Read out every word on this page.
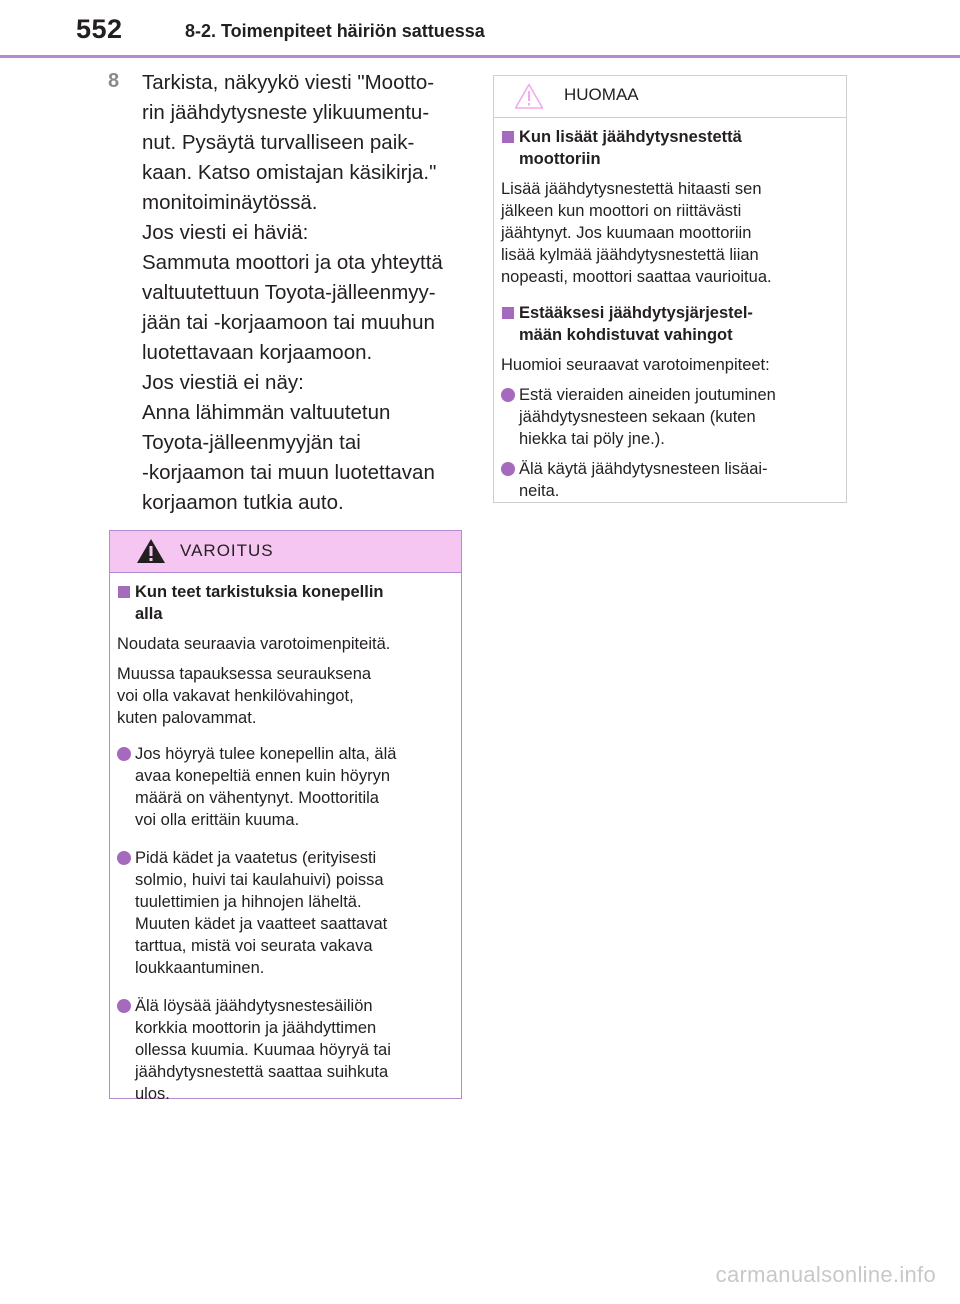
552	8-2. Toimenpiteet häiriön sattuessa
8 Tarkista, näkyykö viesti "Mootto-
rin jäähdytysneste ylikuumentu-
nut. Pysäytä turvalliseen paik-
kaan. Katso omistajan käsikirja."
monitoiminäytössä.
Jos viesti ei häviä:
Sammuta moottori ja ota yhteyttä
valtuutettuun Toyota-jälleenmyy-
jään tai -korjaamoon tai muuhun
luotettavaan korjaamoon.
Jos viestiä ei näy:
Anna lähimmän valtuutetun
Toyota-jälleenmyyjän tai
-korjaamon tai muun luotettavan
korjaamon tutkia auto.
VAROITUS
Kun teet tarkistuksia konepellin
alla
Noudata seuraavia varotoimenpiteitä.
Muussa tapauksessa seurauksena
voi olla vakavat henkilövahingot,
kuten palovammat.
Jos höyryä tulee konepellin alta, älä
avaa konepeltiä ennen kuin höyryn
määrä on vähentynyt. Moottoritila
voi olla erittäin kuuma.
Pidä kädet ja vaatetus (erityisesti
solmio, huivi tai kaulahuivi) poissa
tuulettimien ja hihnojen läheltä.
Muuten kädet ja vaatteet saattavat
tarttua, mistä voi seurata vakava
loukkaantuminen.
Älä löysää jäähdytysnestesäiliön
korkkia moottorin ja jäähdyttimen
ollessa kuumia. Kuumaa höyryä tai
jäähdytysnestettä saattaa suihkuta
ulos.
HUOMAA
Kun lisäät jäähdytysnestettä
moottoriin
Lisää jäähdytysnestettä hitaasti sen
jälkeen kun moottori on riittävästi
jäähtynyt. Jos kuumaan moottoriin
lisää kylmää jäähdytysnestettä liian
nopeasti, moottori saattaa vaurioitua.
Estääksesi jäähdytysjärjestel-
mään kohdistuvat vahingot
Huomioi seuraavat varotoimenpiteet:
Estä vieraiden aineiden joutuminen
jäähdytysnesteen sekaan (kuten
hiekka tai pöly jne.).
Älä käytä jäähdytysnesteen lisäai-
neita.
carmanualsonline.info
